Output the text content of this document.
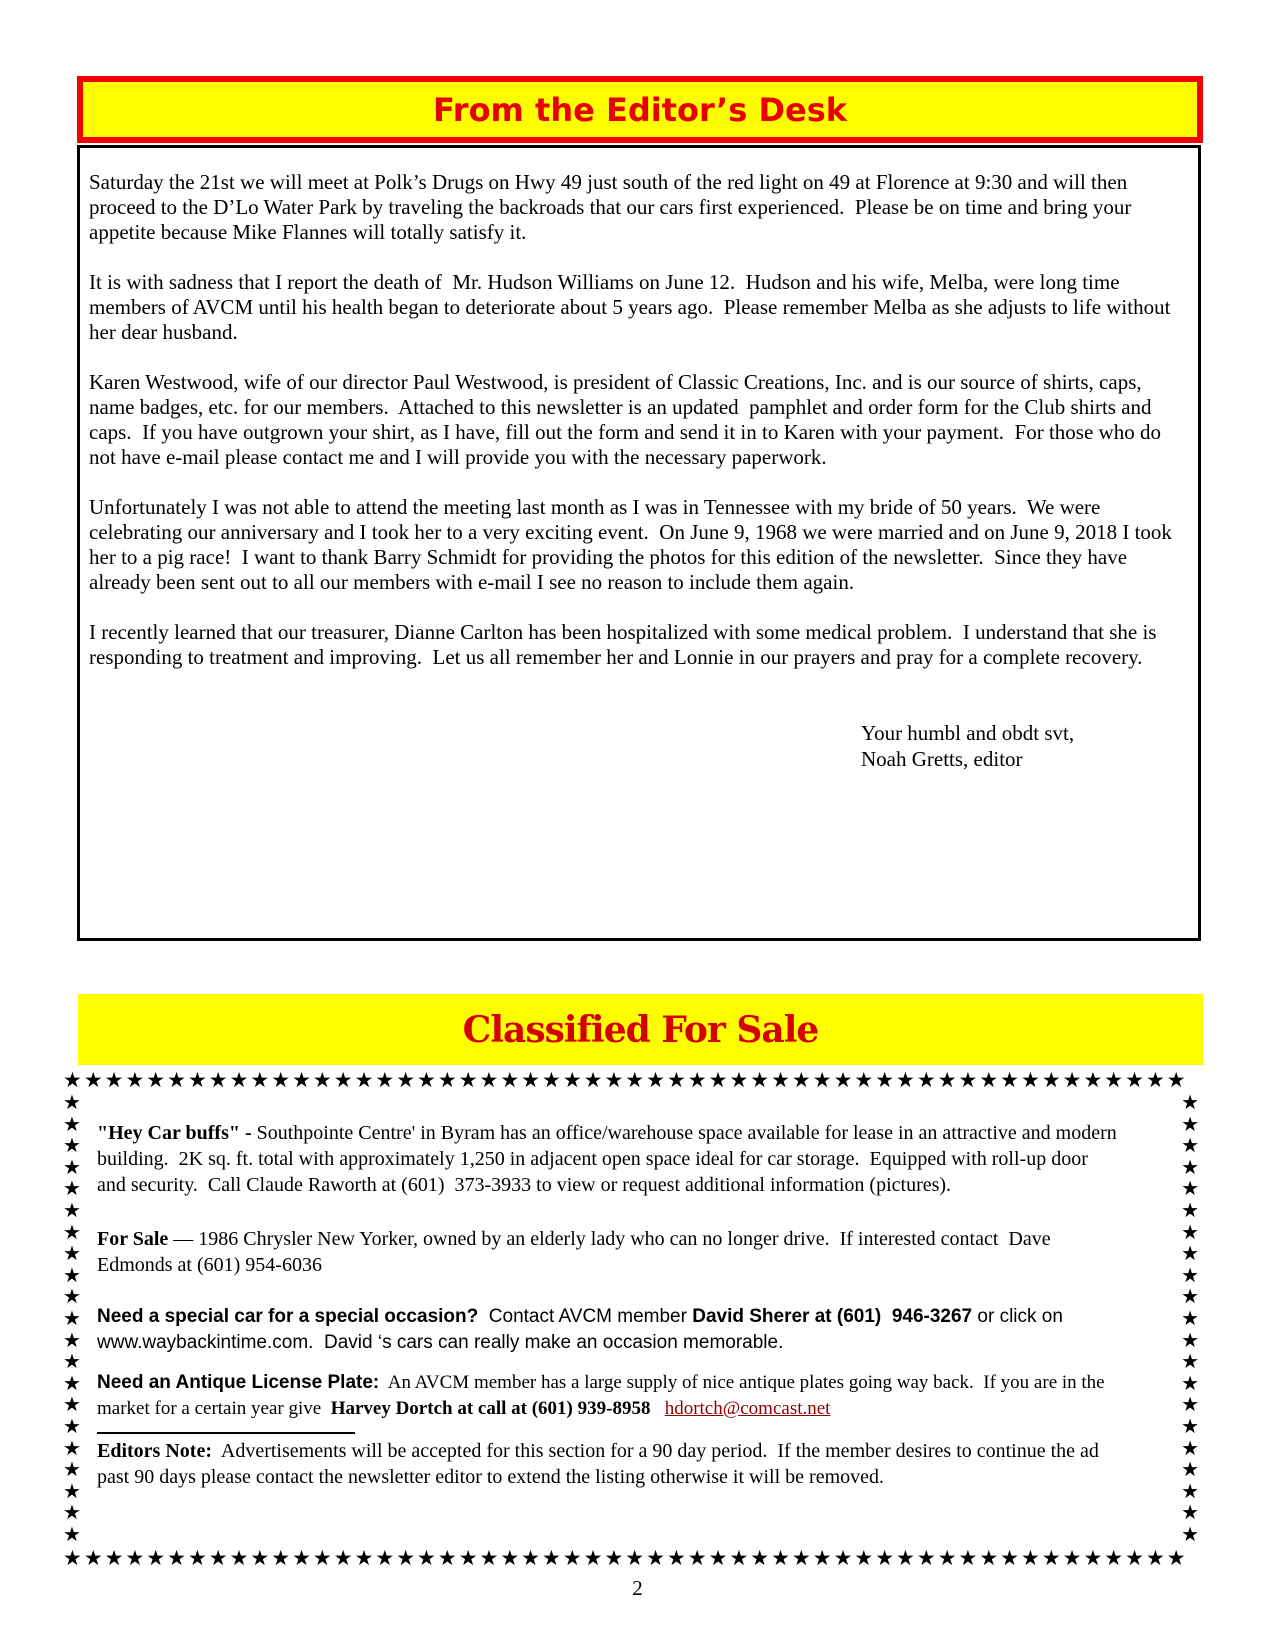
From the Editor’s Desk

Saturday the 21st we will meet at Polk’s Drugs on Hwy 49 just south of the red light on 49 at Florence at 9:30 and will then proceed to the D’Lo Water Park by traveling the backroads that our cars first experienced.  Please be on time and bring your appetite because Mike Flannes will totally satisfy it.

It is with sadness that I report the death of  Mr. Hudson Williams on June 12.  Hudson and his wife, Melba, were long time members of AVCM until his health began to deteriorate about 5 years ago.  Please remember Melba as she adjusts to life without her dear husband.

Karen Westwood, wife of our director Paul Westwood, is president of Classic Creations, Inc. and is our source of shirts, caps, name badges, etc. for our members.  Attached to this newsletter is an updated  pamphlet and order form for the Club shirts and caps.  If you have outgrown your shirt, as I have, fill out the form and send it in to Karen with your payment.  For those who do not have e-mail please contact me and I will provide you with the necessary paperwork.

Unfortunately I was not able to attend the meeting last month as I was in Tennessee with my bride of 50 years.  We were celebrating our anniversary and I took her to a very exciting event.  On June 9, 1968 we were married and on June 9, 2018 I took her to a pig race!  I want to thank Barry Schmidt for providing the photos for this edition of the newsletter.  Since they have already been sent out to all our members with e-mail I see no reason to include them again.

I recently learned that our treasurer, Dianne Carlton has been hospitalized with some medical problem.  I understand that she is responding to treatment and improving.  Let us all remember her and Lonnie in our prayers and pray for a complete recovery.

Your humbl and obdt svt,
Noah Gretts, editor
Classified For Sale
★★★★★★★★★★★★★★★★★★★★★★★★★★★★★★★★★★★★★★★★★★★★★★★★★★★★★★
★★★★★★★★★★★★★★★★★★★★★
"Hey Car buffs" - Southpointe Centre' in Byram has an office/warehouse space available for lease in an attractive and modern building.  2K sq. ft. total with approximately 1,250 in adjacent open space ideal for car storage.  Equipped with roll-up door and security.  Call Claude Raworth at (601)  373-3933 to view or request additional information (pictures).
For Sale — 1986 Chrysler New Yorker, owned by an elderly lady who can no longer drive.  If interested contact  Dave Edmonds at (601) 954-6036
Need a special car for a special occasion?  Contact AVCM member David Sherer at (601)  946-3267 or click on www.waybackintime.com.  David ‘s cars can really make an occasion memorable.
Need an Antique License Plate:  An AVCM member has a large supply of nice antique plates going way back.  If you are in the market for a certain year give  Harvey Dortch at call at (601) 939-8958 hdortch@comcast.net
Editors Note:  Advertisements will be accepted for this section for a 90 day period.  If the member desires to continue the ad past 90 days please contact the newsletter editor to extend the listing otherwise it will be removed.
★★★★★★★★★★★★★★★★★★★★★
★★★★★★★★★★★★★★★★★★★★★★★★★★★★★★★★★★★★★★★★★★★★★★★★★★★★★★
2
